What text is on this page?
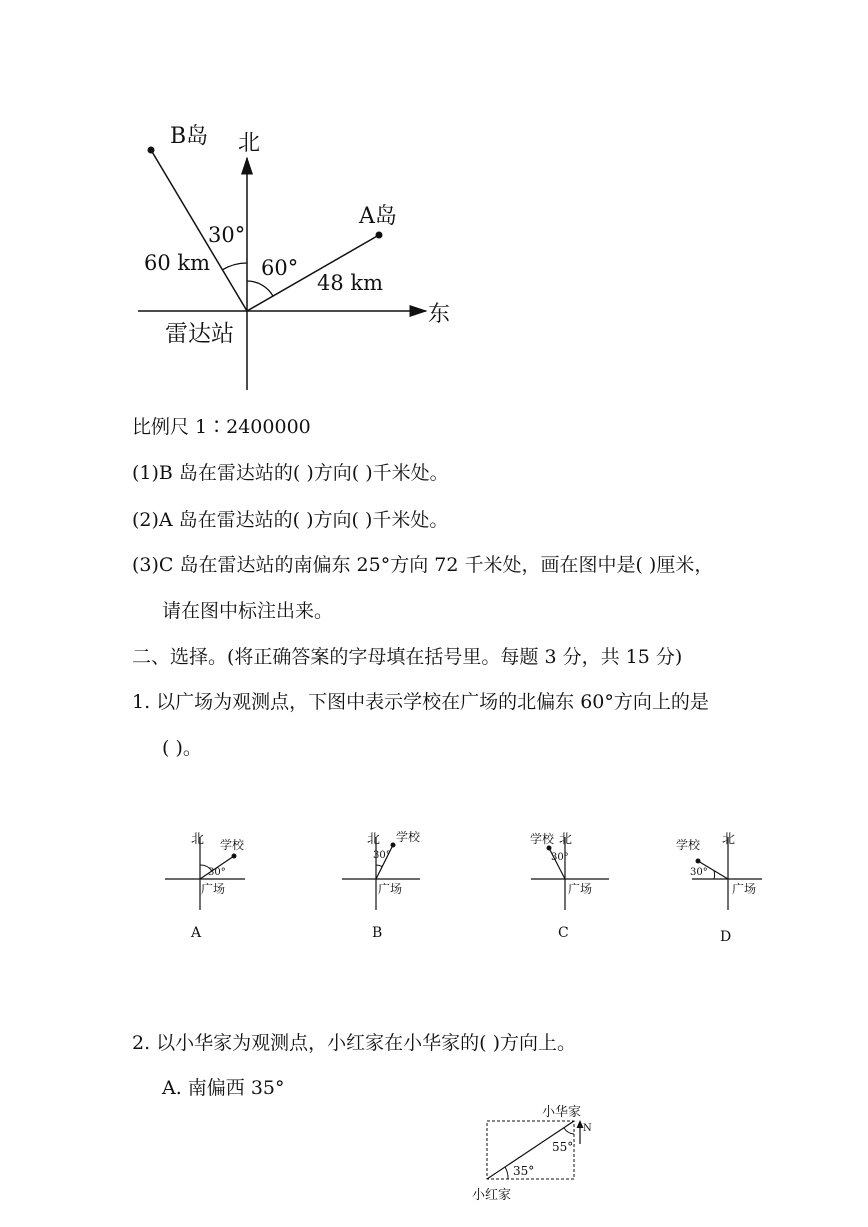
B岛 北
A岛
30°
60 km 60°
48 km
东
雷达站
比例尺 1∶2400000
(1)B 岛在雷达站的( )方向( )千米处。
(2)A 岛在雷达站的( )方向( )千米处。
(3)C 岛在雷达站的南偏东 25°方向 72 千米处，画在图中是( )厘米，
请在图中标注出来。
二、选择。(将正确答案的字母填在括号里。每题 3 分，共 15 分)
1. 以广场为观测点，下图中表示学校在广场的北偏东 60°方向上的是
( )。
北 学校
30°
广场
A
北 学校
30°
广场
B
学校 北
30°
广场
C
学校 北
30°
广场
D
2. 以小华家为观测点，小红家在小华家的( )方向上。
A. 南偏西 35°
小华家
N
55°
35°
小红家
